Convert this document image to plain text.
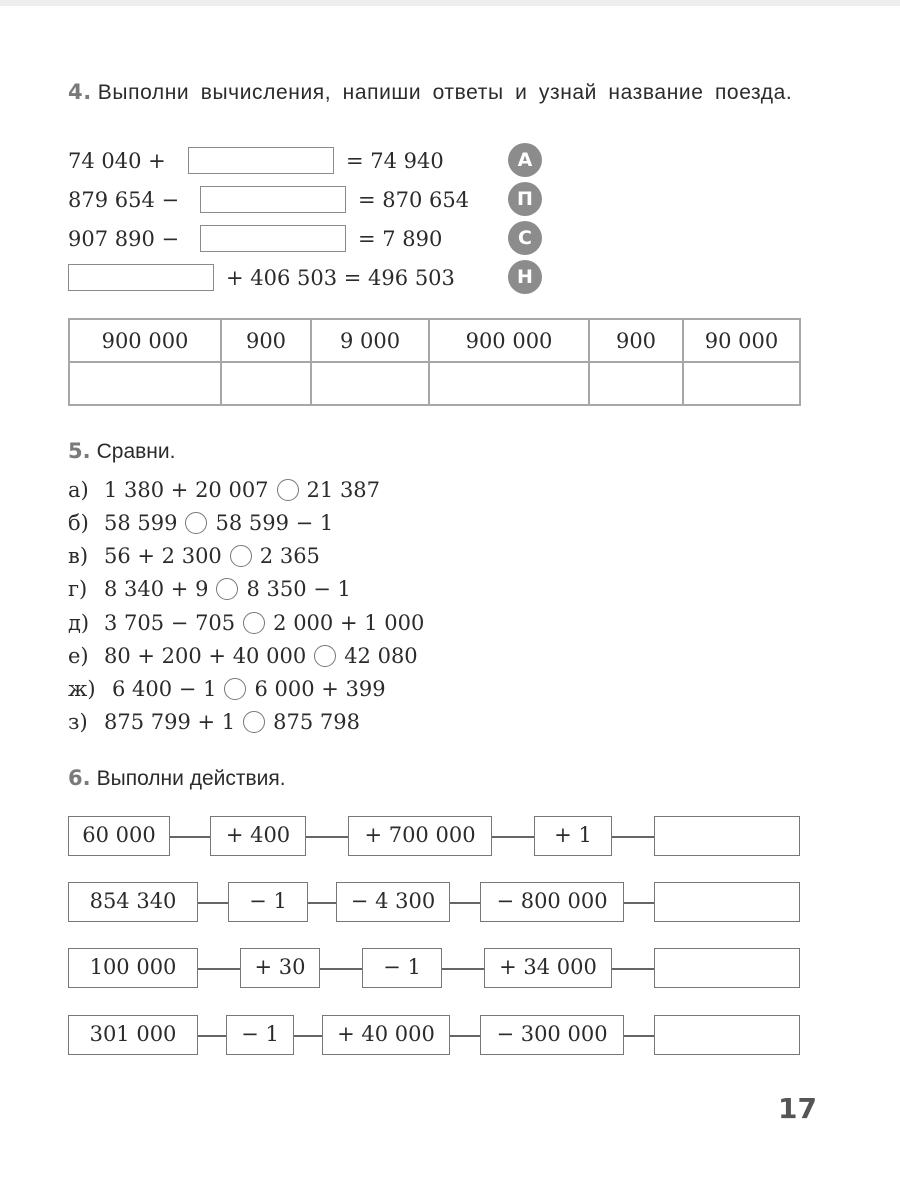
4. Выполни вычисления, напиши ответы и узнай название поезда.
74 040 +	= 74 940	А
879 654 −	= 870 654	П
907 890 −	= 7 890	С
+ 406 503 = 496 503	Н
900 000	900	9 000	900 000	900	90 000

5. Сравни.
а) 1 380 + 20 007 21 387
б) 58 599 58 599 − 1
в) 56 + 2 300 2 365
г) 8 340 + 9 8 350 − 1
д) 3 705 − 705 2 000 + 1 000
е) 80 + 200 + 40 000 42 080
ж) 6 400 − 1 6 000 + 399
з) 875 799 + 1 875 798
6. Выполни действия.
60 000	+ 400	+ 700 000	+ 1
854 340	− 1	− 4 300	− 800 000
100 000	+ 30	− 1	+ 34 000
301 000	− 1	+ 40 000	− 300 000
17
